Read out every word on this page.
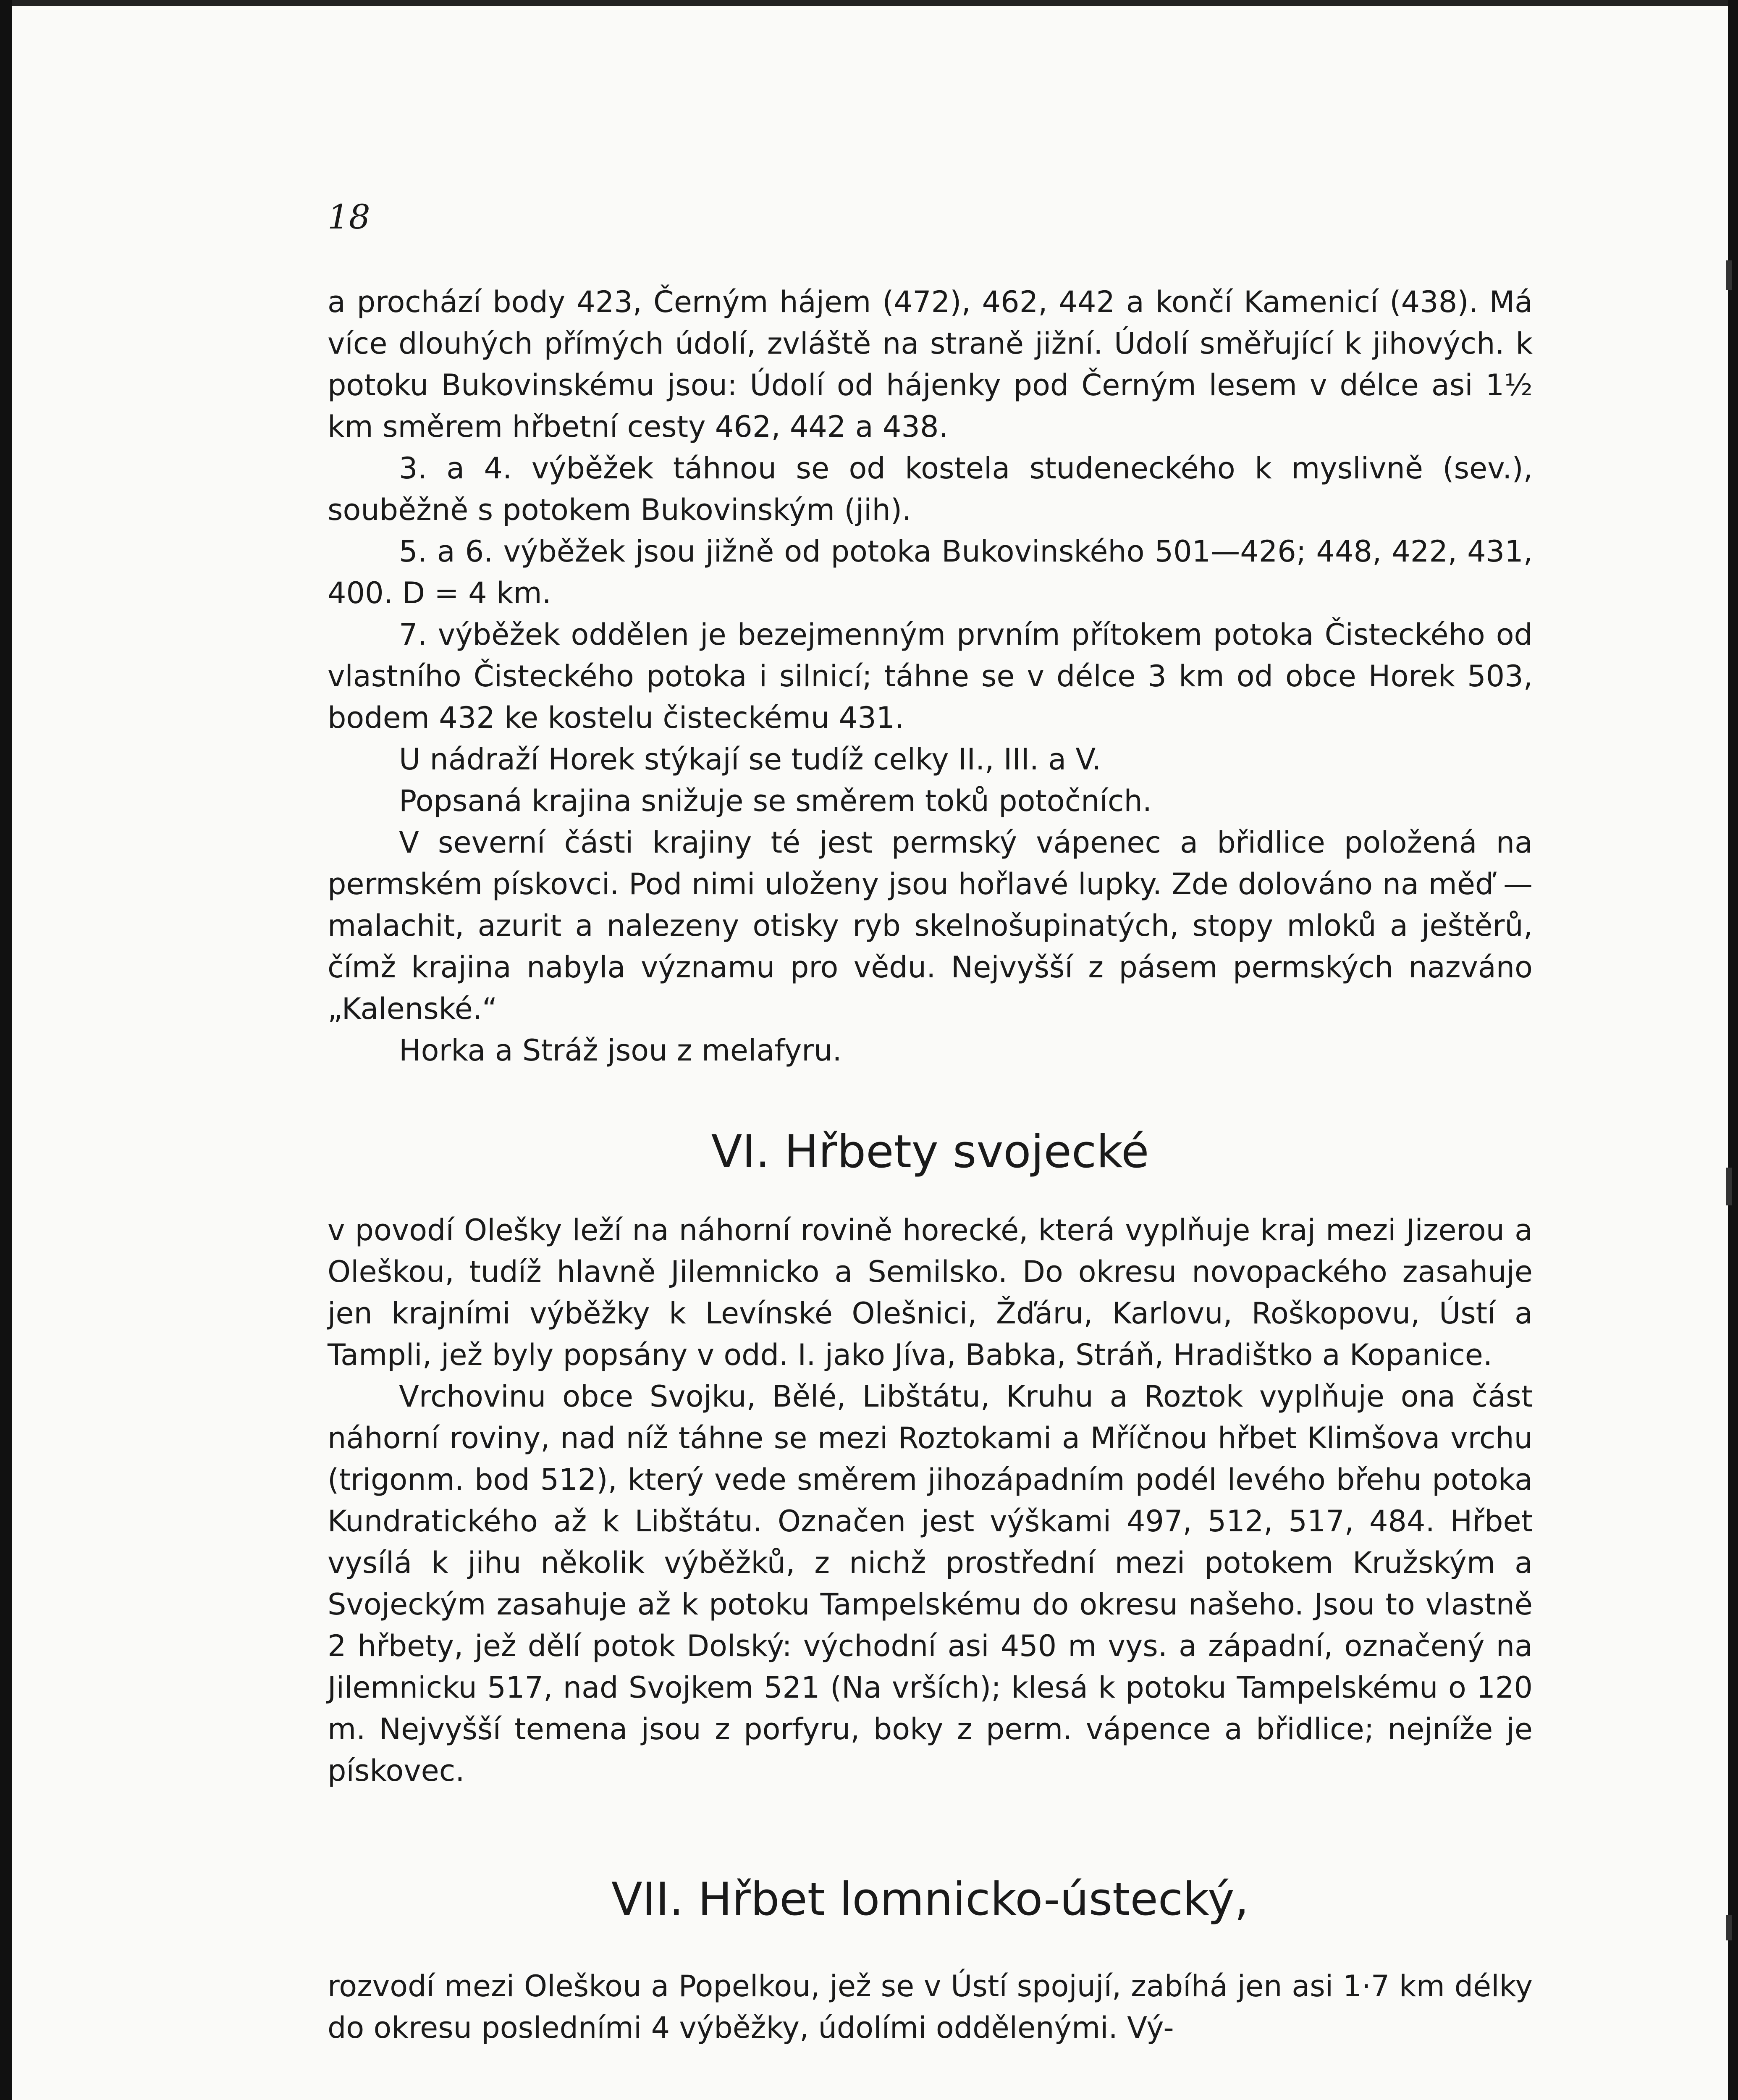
18

a prochází body 423, Černým hájem (472), 462, 442 a končí Kamenicí (438). Má více dlouhých přímých údolí, zvláště na straně jižní. Údolí směřující k jihových. k potoku Bukovinskému jsou: Údolí od hájenky pod Černým lesem v délce asi 1½ km směrem hřbetní cesty 462, 442 a 438.

3. a 4. výběžek táhnou se od kostela studeneckého k myslivně (sev.), souběžně s potokem Bukovinským (jih).

5. a 6. výběžek jsou jižně od potoka Bukovinského 501—426; 448, 422, 431, 400. D = 4 km.

7. výběžek oddělen je bezejmenným prvním přítokem potoka Čisteckého od vlastního Čisteckého potoka i silnicí; táhne se v délce 3 km od obce Horek 503, bodem 432 ke kostelu čisteckému 431.

U nádraží Horek stýkají se tudíž celky II., III. a V.

Popsaná krajina snižuje se směrem toků potočních.

V severní části krajiny té jest permský vápenec a břidlice položená na permském pískovci. Pod nimi uloženy jsou hořlavé lupky. Zde dolováno na měď — malachit, azurit a nalezeny otisky ryb skelnošupinatých, stopy mloků a ještěrů, čímž krajina nabyla významu pro vědu. Nejvyšší z pásem permských nazváno „Kalenské.“

Horka a Stráž jsou z melafyru.

VI. Hřbety svojecké

v povodí Olešky leží na náhorní rovině horecké, která vyplňuje kraj mezi Jizerou a Oleškou, tudíž hlavně Jilemnicko a Semilsko. Do okresu novopackého zasahuje jen krajními výběžky k Levínské Olešnici, Žďáru, Karlovu, Roškopovu, Ústí a Tampli, jež byly popsány v odd. I. jako Jíva, Babka, Stráň, Hradištko a Kopanice.

Vrchovinu obce Svojku, Bělé, Libštátu, Kruhu a Roztok vyplňuje ona část náhorní roviny, nad níž táhne se mezi Roztokami a Mříčnou hřbet Klimšova vrchu (trigonm. bod 512), který vede směrem jihozápadním podél levého břehu potoka Kundratického až k Libštátu. Označen jest výškami 497, 512, 517, 484. Hřbet vysílá k jihu několik výběžků, z nichž prostřední mezi potokem Kružským a Svojeckým zasahuje až k potoku Tampelskému do okresu našeho. Jsou to vlastně 2 hřbety, jež dělí potok Dolský: východní asi 450 m vys. a západní, označený na Jilemnicku 517, nad Svojkem 521 (Na vrších); klesá k potoku Tampelskému o 120 m. Nejvyšší temena jsou z porfyru, boky z perm. vápence a břidlice; nejníže je pískovec.

VII. Hřbet lomnicko-ústecký,

rozvodí mezi Oleškou a Popelkou, jež se v Ústí spojují, zabíhá jen asi 1·7 km délky do okresu posledními 4 výběžky, údolími oddělenými. Vý-
